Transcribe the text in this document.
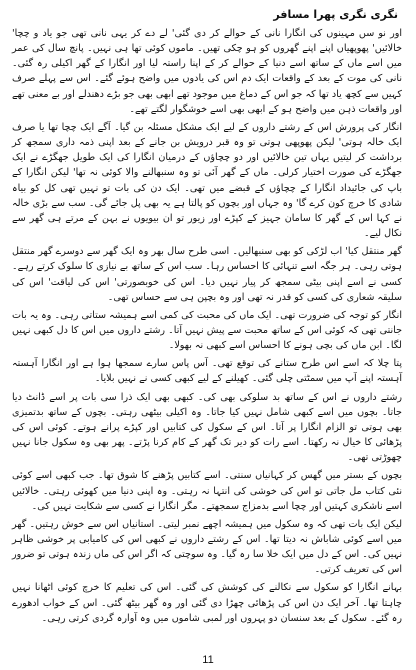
نگری نگری پھرا مسافر

اور نو سں مہینوں کی انگارا نانی کے حوالے کر دی گئی' لے دے کر یہی نانی تھی جو یاد و چچا' خالائیں' پھوپھیاں اپنے اپنے گھروں کو ہو چکی تھیں۔ ماموں کوئی تھا ہی نہیں۔ پانچ سال کی عمر میں اسے ماں کے ساتھ اسے دنیا کے حوالے کر کے اپنا راستہ لیا اور انگارا کے گھر اکیلی رہ گئی۔ نانی کی موت کے بعد کے واقعات ایک دم اس کی یادوں میں واضح ہوئے گئے۔ اس سے پہلے صرف کہیں سے کچھ یاد تھا کہ جو اس کے دماغ میں موجود تھے ابھی بھی جو بڑے دھندلے اور بے معنی تھے اور واقعات ذہن میں واضح ہو کے ابھی بھی اسے خوشگوار لگتے تھے۔

انگار کی پرورش اس کے رشتے داروں کے لیے ایک مشکل مسئلہ بن گیا۔ آگے ایک چچا تھا یا صرف ایک خالہ ہوتی' لیکن پھوپھی ہوتی تو وہ قبر درویش بن جانے کے بعد اپنی ذمہ داری سمجھ کر برداشت کر لیتیں یہاں تین خالائیں اور دو چچاؤں کے درمیان انگارا کی ایک طویل جھگڑے نے ایک جھگڑے کی صورت اختیار کرلی۔ ماں کے گھر آئی تو وہ سنبھالنے والا کوئی نہ تھا' لیکن انگارا کے باپ کی جائیداد انگارا کے چچاؤں کے قبضے میں تھی۔ ایک دن کی بات تو نہیں تھی کل کو بیاہ شادی کا خرچ کون کرے گا' وہ جہاں اور بچوں کو پالتا ہے یہ بھی پل جائے گی۔ سب سے بڑی خالہ نے کہا اس کے گھر کا سامان جہیز کے کپڑے اور زیور تو ان بیویوں نے بہن کے مرتے ہی گھر سے نکال لیے۔

گھر منتقل کیا' اب لڑکی کو بھی سنبھالیں۔ اسی طرح سال بھر وہ ایک گھر سے دوسرے گھر منتقل ہوتی رہی۔ ہر جگہ اسے تنہائی کا احساس رہا۔ سب اس کے ساتھ بے نیازی کا سلوک کرتے رہے۔ کسی نے اسے اپنی بیٹی سمجھ کر پیار نہیں دیا۔ اس کی خوبصورتی' اس کی لیاقت' اس کی سلیقہ شعاری کی کسی کو قدر نہ تھی اور وہ بچپن ہی سے حساس تھی۔

انگار کو توجہ کی ضرورت تھی۔ ایک ماں کی محبت کی کمی اسے ہمیشہ ستاتی رہی۔ وہ یہ بات جانتی تھی کہ کوئی اس کے ساتھ محبت سے پیش نہیں آتا۔ رشتے داروں میں اس کا دل کبھی نہیں لگا۔ ابن ماں کی بچی ہونے کا احساس اسے کبھی نہ بھولا۔

پتا چلا کہ اسے اس طرح ستانے کی توقع تھی۔ آس پاس سارے سمجھا ہوا ہے اور انگارا آہستہ آہستہ اپنے آپ میں سمٹتی چلی گئی۔ کھیلنے کے لیے کبھی کسی نے نہیں بلایا۔

رشتے داروں نے اس کے ساتھ بد سلوکی بھی کی۔ کبھی بھی ایک ذرا سی بات پر اسے ڈانٹ دیا جاتا۔ بچوں میں اسے کبھی شامل نہیں کیا جاتا۔ وہ اکیلی بیٹھی رہتی۔ بچوں کے ساتھ بدتمیزی بھی ہوتی تو الزام انگارا پر آتا۔ اس کے سکول کی کتابیں اور کپڑے پرانے ہوتے۔ کوئی اس کی پڑھائی کا خیال نہ رکھتا۔ اسے رات کو دیر تک گھر کے کام کرنا پڑتے۔ پھر بھی وہ سکول جانا نہیں چھوڑتی تھی۔

بچوں کے بستر میں گھس کر کہانیاں سنتی۔ اسے کتابیں پڑھنے کا شوق تھا۔ جب کبھی اسے کوئی نئی کتاب مل جاتی تو اس کی خوشی کی انتہا نہ رہتی۔ وہ اپنی دنیا میں کھوئی رہتی۔ خالائیں اسے ناشکری کہتیں اور چچا اسے بدمزاج سمجھتے۔ مگر انگارا نے کسی سے شکایت نہیں کی۔

لیکن ایک بات تھی کہ وہ سکول میں ہمیشہ اچھے نمبر لیتی۔ استانیاں اس سے خوش رہتیں۔ گھر میں اسے کوئی شاباش نہ دیتا تھا۔ اس کے رشتے داروں نے کبھی اس کی کامیابی پر خوشی ظاہر نہیں کی۔ اس کے دل میں ایک خلا سا رہ گیا۔ وہ سوچتی کہ اگر اس کی ماں زندہ ہوتی تو ضرور اس کی تعریف کرتی۔

بہانے انگارا کو سکول سے نکالنے کی کوشش کی گئی۔ اس کی تعلیم کا خرچ کوئی اٹھانا نہیں چاہتا تھا۔ آخر ایک دن اس کی پڑھائی چھڑا دی گئی اور وہ گھر بیٹھ گئی۔ اس کے خواب ادھورے رہ گئے۔ سکول کے بعد سنسان دو پہروں اور لمبی شاموں میں وہ آوارہ گردی کرتی رہی۔

11
